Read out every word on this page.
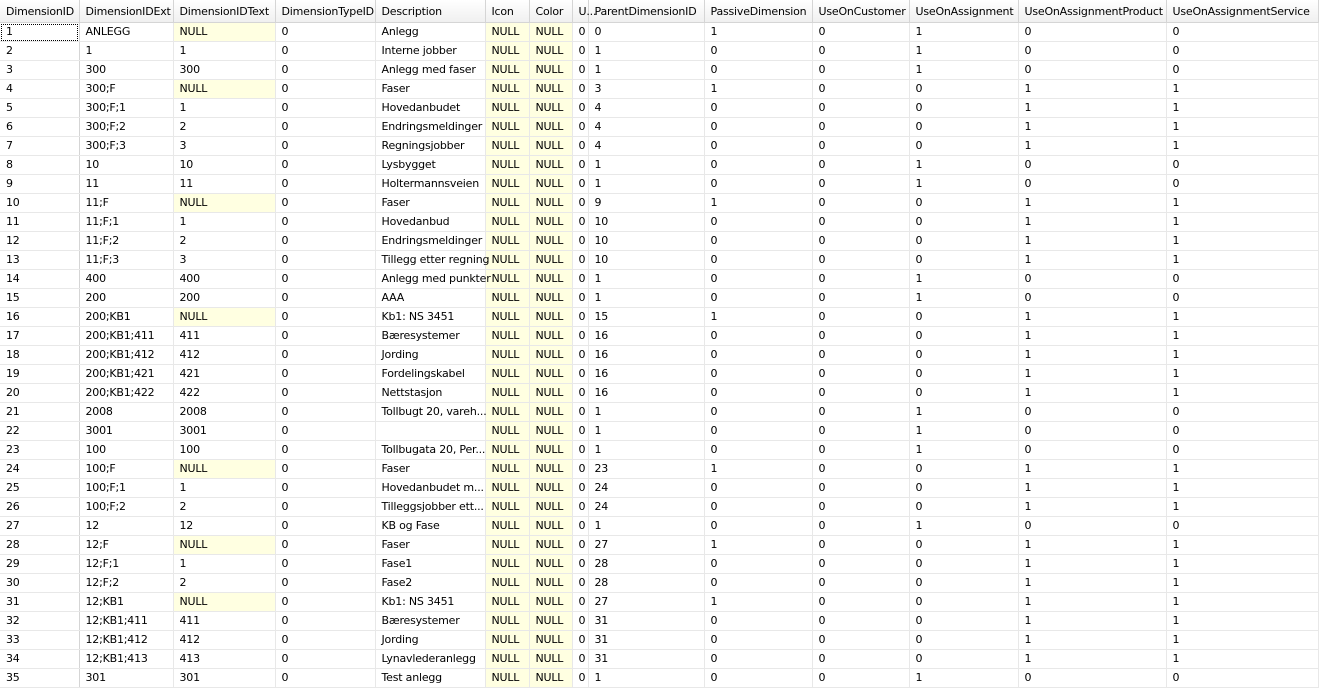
DimensionID	DimensionIDExt	DimensionIDText	DimensionTypeID	Description	Icon	Color	U...	ParentDimensionID	PassiveDimension	UseOnCustomer	UseOnAssignment	UseOnAssignmentProduct	UseOnAssignmentService
1	ANLEGG	NULL	0	Anlegg	NULL	NULL	0	0	1	0	1	0	0
2	1	1	0	Interne jobber	NULL	NULL	0	1	0	0	1	0	0
3	300	300	0	Anlegg med faser	NULL	NULL	0	1	0	0	1	0	0
4	300;F	NULL	0	Faser	NULL	NULL	0	3	1	0	0	1	1
5	300;F;1	1	0	Hovedanbudet	NULL	NULL	0	4	0	0	0	1	1
6	300;F;2	2	0	Endringsmeldinger	NULL	NULL	0	4	0	0	0	1	1
7	300;F;3	3	0	Regningsjobber	NULL	NULL	0	4	0	0	0	1	1
8	10	10	0	Lysbygget	NULL	NULL	0	1	0	0	1	0	0
9	11	11	0	Holtermannsveien	NULL	NULL	0	1	0	0	1	0	0
10	11;F	NULL	0	Faser	NULL	NULL	0	9	1	0	0	1	1
11	11;F;1	1	0	Hovedanbud	NULL	NULL	0	10	0	0	0	1	1
12	11;F;2	2	0	Endringsmeldinger	NULL	NULL	0	10	0	0	0	1	1
13	11;F;3	3	0	Tillegg etter regning	NULL	NULL	0	10	0	0	0	1	1
14	400	400	0	Anlegg med punkter	NULL	NULL	0	1	0	0	1	0	0
15	200	200	0	AAA	NULL	NULL	0	1	0	0	1	0	0
16	200;KB1	NULL	0	Kb1: NS 3451	NULL	NULL	0	15	1	0	0	1	1
17	200;KB1;411	411	0	Bæresystemer	NULL	NULL	0	16	0	0	0	1	1
18	200;KB1;412	412	0	Jording	NULL	NULL	0	16	0	0	0	1	1
19	200;KB1;421	421	0	Fordelingskabel	NULL	NULL	0	16	0	0	0	1	1
20	200;KB1;422	422	0	Nettstasjon	NULL	NULL	0	16	0	0	0	1	1
21	2008	2008	0	Tollbugt 20, vareh...	NULL	NULL	0	1	0	0	1	0	0
22	3001	3001	0		NULL	NULL	0	1	0	0	1	0	0
23	100	100	0	Tollbugata 20, Per...	NULL	NULL	0	1	0	0	1	0	0
24	100;F	NULL	0	Faser	NULL	NULL	0	23	1	0	0	1	1
25	100;F;1	1	0	Hovedanbudet m...	NULL	NULL	0	24	0	0	0	1	1
26	100;F;2	2	0	Tilleggsjobber ett...	NULL	NULL	0	24	0	0	0	1	1
27	12	12	0	KB og Fase	NULL	NULL	0	1	0	0	1	0	0
28	12;F	NULL	0	Faser	NULL	NULL	0	27	1	0	0	1	1
29	12;F;1	1	0	Fase1	NULL	NULL	0	28	0	0	0	1	1
30	12;F;2	2	0	Fase2	NULL	NULL	0	28	0	0	0	1	1
31	12;KB1	NULL	0	Kb1: NS 3451	NULL	NULL	0	27	1	0	0	1	1
32	12;KB1;411	411	0	Bæresystemer	NULL	NULL	0	31	0	0	0	1	1
33	12;KB1;412	412	0	Jording	NULL	NULL	0	31	0	0	0	1	1
34	12;KB1;413	413	0	Lynavlederanlegg	NULL	NULL	0	31	0	0	0	1	1
35	301	301	0	Test anlegg	NULL	NULL	0	1	0	0	1	0	0
